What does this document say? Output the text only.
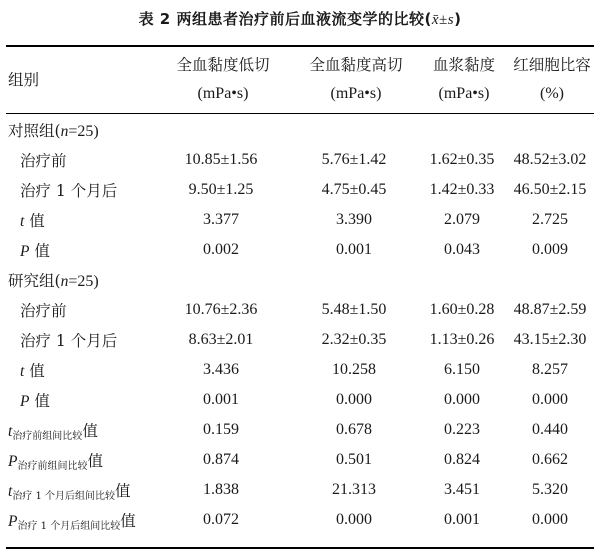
表 2 两组患者治疗前后血液流变学的比较(x̄±s)
组别	全血黏度低切	全血黏度高切	血浆黏度	红细胞比容
	(mPa•s)	(mPa•s)	(mPa•s)	(%)
对照组(n=25)				
治疗前	10.85±1.56	5.76±1.42	1.62±0.35	48.52±3.02
治疗 1 个月后	9.50±1.25	4.75±0.45	1.42±0.33	46.50±2.15
t 值	3.377	3.390	2.079	2.725
P 值	0.002	0.001	0.043	0.009
研究组(n=25)				
治疗前	10.76±2.36	5.48±1.50	1.60±0.28	48.87±2.59
治疗 1 个月后	8.63±2.01	2.32±0.35	1.13±0.26	43.15±2.30
t 值	3.436	10.258	6.150	8.257
P 值	0.001	0.000	0.000	0.000
$t_{治疗前组间比较}$值	0.159	0.678	0.223	0.440
$P_{治疗前组间比较}$值	0.874	0.501	0.824	0.662
$t_{治疗 1 个月后组间比较}$值	1.838	21.313	3.451	5.320
$P_{治疗 1 个月后组间比较}$值	0.072	0.000	0.001	0.000
